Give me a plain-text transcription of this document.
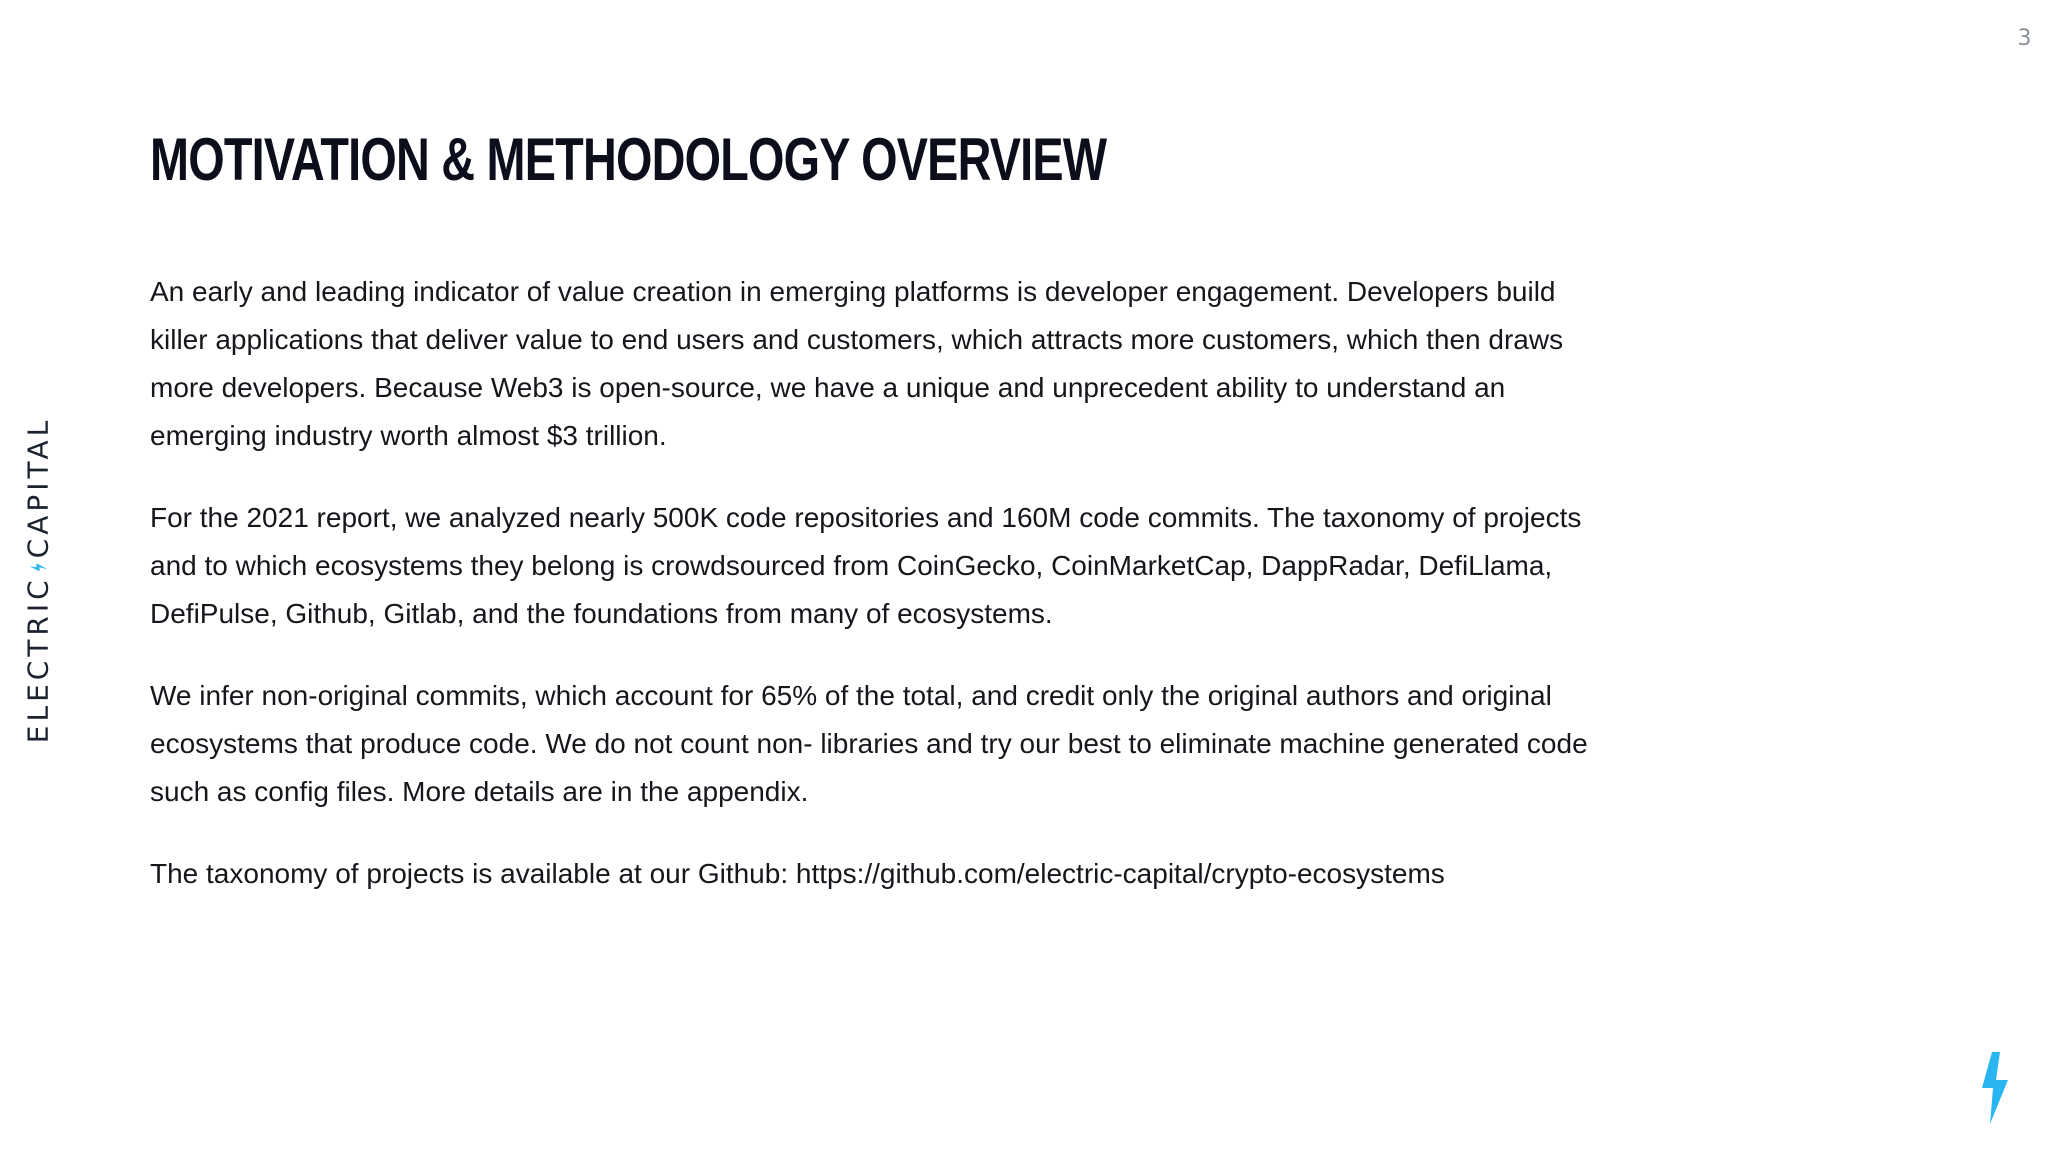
3
ELECTRIC
CAPITAL
MOTIVATION & METHODOLOGY OVERVIEW

An early and leading indicator of value creation in emerging platforms is developer engagement. Developers build killer applications that deliver value to end users and customers, which attracts more customers, which then draws more developers. Because Web3 is open-source, we have a unique and unprecedent ability to understand an emerging industry worth almost $3 trillion.

For the 2021 report, we analyzed nearly 500K code repositories and 160M code commits. The taxonomy of projects and to which ecosystems they belong is crowdsourced from CoinGecko, CoinMarketCap, DappRadar, DefiLlama, DefiPulse, Github, Gitlab, and the foundations from many of ecosystems.

We infer non-original commits, which account for 65% of the total, and credit only the original authors and original ecosystems that produce code. We do not count non- libraries and try our best to eliminate machine generated code such as config files. More details are in the appendix.

The taxonomy of projects is available at our Github: https://github.com/electric-capital/crypto-ecosystems
